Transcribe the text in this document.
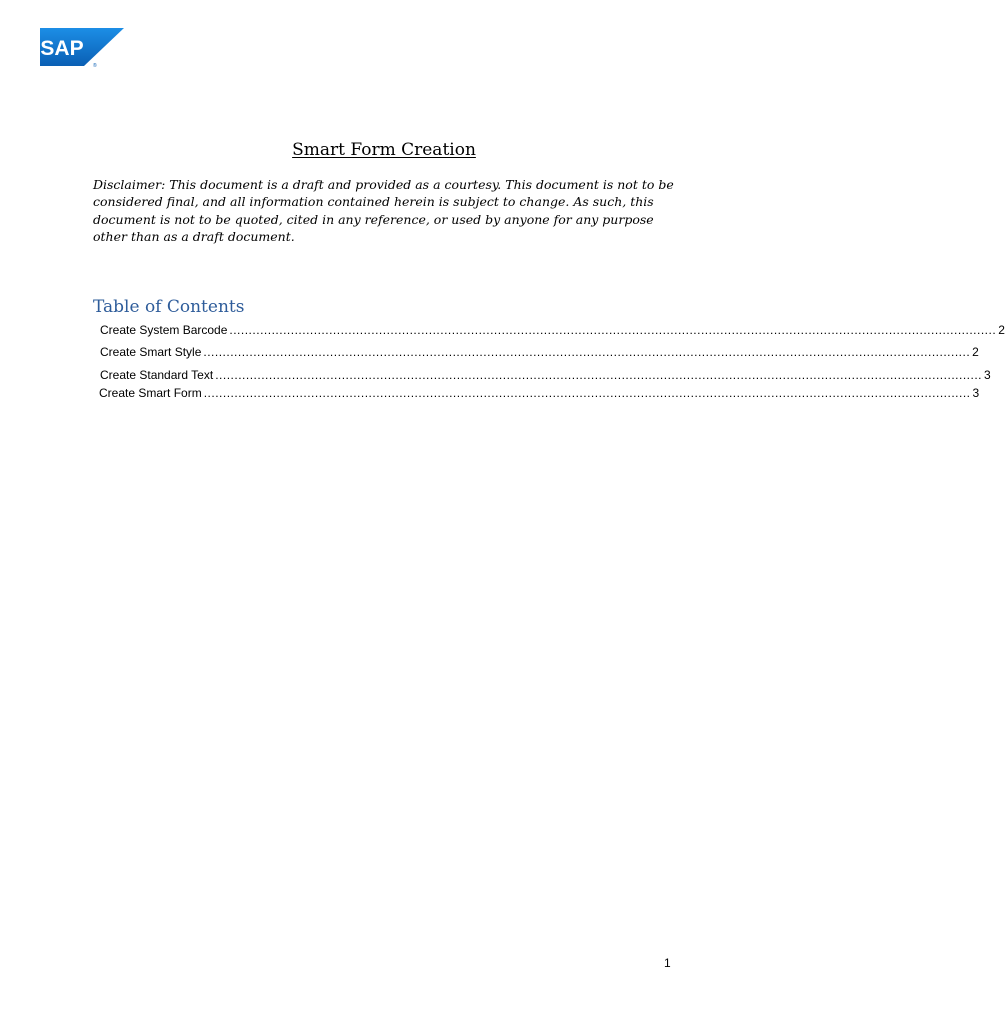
SAP
®
Smart Form Creation

Disclaimer: This document is a draft and provided as a courtesy. This document is not to be considered final, and all information contained herein is subject to change. As such, this document is not to be quoted, cited in any reference, or used by anyone for any purpose other than as a draft document.

Table of Contents
Create System Barcode ........................................................................................................................................................................................................ 2
Create Smart Style ........................................................................................................................................................................................................ 2
Create Standard Text ........................................................................................................................................................................................................ 3
Create Smart Form ........................................................................................................................................................................................................ 3
1
